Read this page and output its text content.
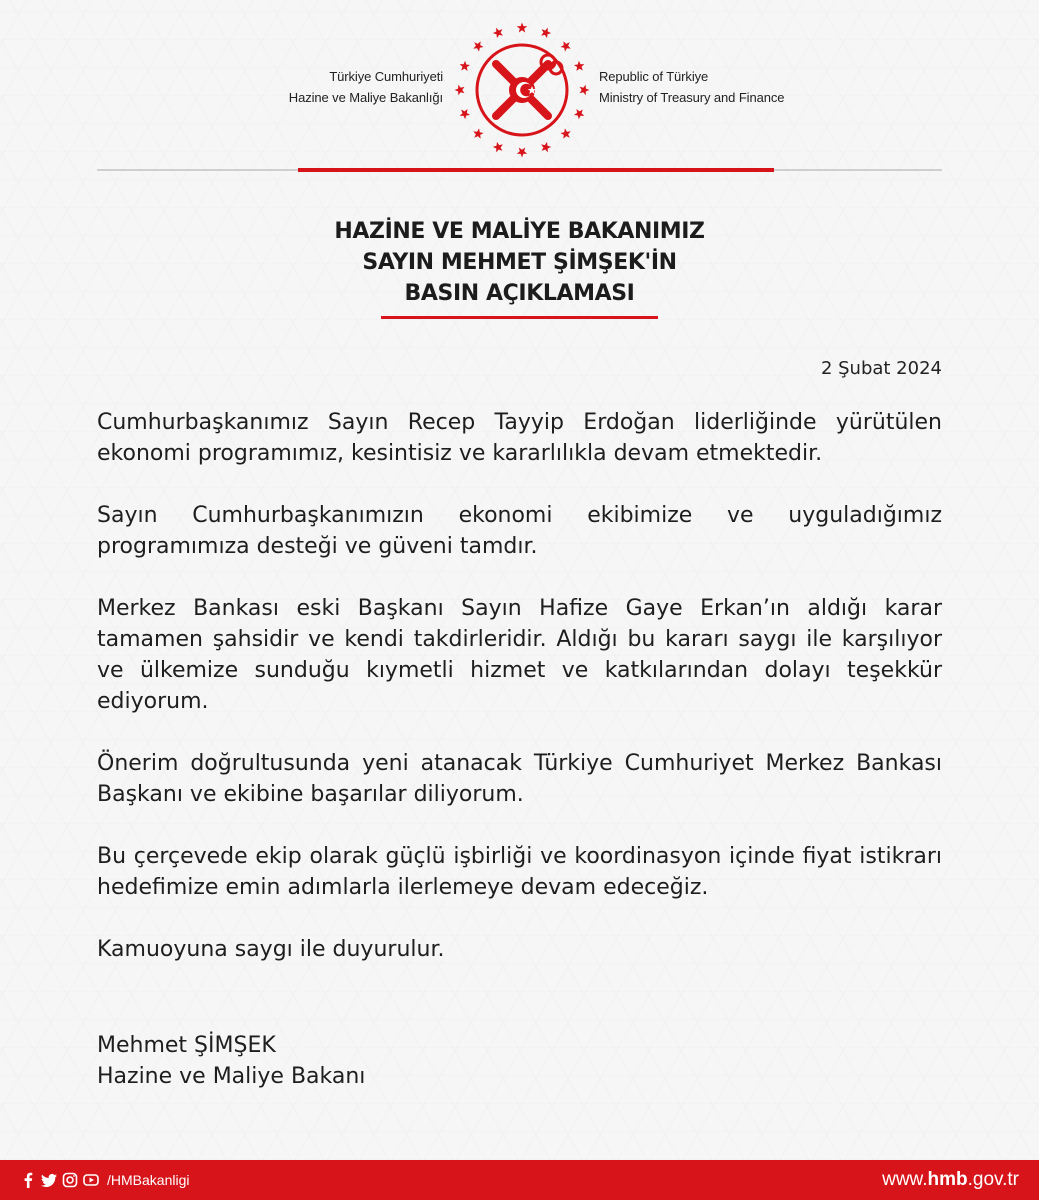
Türkiye Cumhuriyeti
Hazine ve Maliye Bakanlığı
Republic of Türkiye
Ministry of Treasury and Finance
HAZİNE VE MALİYE BAKANIMIZ
SAYIN MEHMET ŞİMŞEK'İN
BASIN AÇIKLAMASI
2 Şubat 2024

Cumhurbaşkanımız Sayın Recep Tayyip Erdoğan liderliğinde yürütülen ekonomi programımız, kesintisiz ve kararlılıkla devam etmektedir.

Sayın Cumhurbaşkanımızın ekonomi ekibimize ve uyguladığımız programımıza desteği ve güveni tamdır.

Merkez Bankası eski Başkanı Sayın Hafize Gaye Erkan’ın aldığı karar tamamen şahsidir ve kendi takdirleridir. Aldığı bu kararı saygı ile karşılıyor ve ülkemize sunduğu kıymetli hizmet ve katkılarından dolayı teşekkür ediyorum.

Önerim doğrultusunda yeni atanacak Türkiye Cumhuriyet Merkez Bankası Başkanı ve ekibine başarılar diliyorum.

Bu çerçevede ekip olarak güçlü işbirliği ve koordinasyon içinde fiyat istikrarı hedefimize emin adımlarla ilerlemeye devam edeceğiz.

Kamuoyuna saygı ile duyurulur.

Mehmet ŞİMŞEK
Hazine ve Maliye Bakanı
/HMBakanligi	www.hmb.gov.tr
